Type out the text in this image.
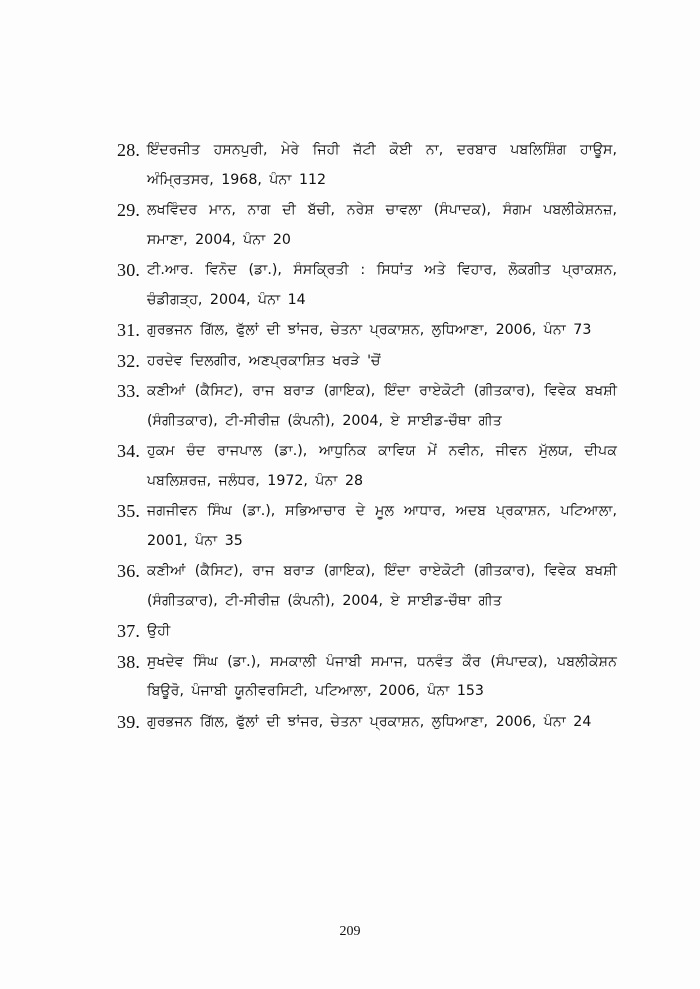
28. ਇੰਦਰਜੀਤ ਹਸਨਪੁਰੀ, ਮੇਰੇ ਜਿਹੀ ਜੱਟੀ ਕੋਈ ਨਾ, ਦਰਬਾਰ ਪਬਲਿਸ਼ਿੰਗ ਹਾਊਸ, ਅੰਮ੍ਰਿਤਸਰ, 1968, ਪੰਨਾ 112
29. ਲਖਵਿੰਦਰ ਮਾਨ, ਨਾਗ ਦੀ ਬੱਚੀ, ਨਰੇਸ਼ ਚਾਵਲਾ (ਸੰਪਾਦਕ), ਸੰਗਮ ਪਬਲੀਕੇਸ਼ਨਜ਼, ਸਮਾਣਾ, 2004, ਪੰਨਾ 20
30. ਟੀ.ਆਰ. ਵਿਨੋਦ (ਡਾ.), ਸੰਸਕ੍ਰਿਤੀ : ਸਿਧਾਂਤ ਅਤੇ ਵਿਹਾਰ, ਲੋਕਗੀਤ ਪ੍ਰਾਕਸ਼ਨ, ਚੰਡੀਗੜ੍ਹ, 2004, ਪੰਨਾ 14
31. ਗੁਰਭਜਨ ਗਿੱਲ, ਫੁੱਲਾਂ ਦੀ ਝਾਂਜਰ, ਚੇਤਨਾ ਪ੍ਰਕਾਸ਼ਨ, ਲੁਧਿਆਣਾ, 2006, ਪੰਨਾ 73
32. ਹਰਦੇਵ ਦਿਲਗੀਰ, ਅਣਪ੍ਰਕਾਸ਼ਿਤ ਖਰੜੇ 'ਚੋਂ
33. ਕਣੀਆਂ (ਕੈਸਿਟ), ਰਾਜ ਬਰਾੜ (ਗਾਇਕ), ਇੰਦਾ ਰਾਏਕੋਟੀ (ਗੀਤਕਾਰ), ਵਿਵੇਕ ਬਖਸ਼ੀ (ਸੰਗੀਤਕਾਰ), ਟੀ-ਸੀਰੀਜ਼ (ਕੰਪਨੀ), 2004, ਏ ਸਾਈਡ-ਚੌਥਾ ਗੀਤ
34. ਹੁਕਮ ਚੰਦ ਰਾਜਪਾਲ (ਡਾ.), ਆਧੁਨਿਕ ਕਾਵਿਯ ਮੇਂ ਨਵੀਨ, ਜੀਵਨ ਮੁੱਲਯ, ਦੀਪਕ ਪਬਲਿਸ਼ਰਜ਼, ਜਲੰਧਰ, 1972, ਪੰਨਾ 28
35. ਜਗਜੀਵਨ ਸਿੰਘ (ਡਾ.), ਸਭਿਆਚਾਰ ਦੇ ਮੂਲ ਆਧਾਰ, ਅਦਬ ਪ੍ਰਕਾਸ਼ਨ, ਪਟਿਆਲਾ, 2001, ਪੰਨਾ 35
36. ਕਣੀਆਂ (ਕੈਸਿਟ), ਰਾਜ ਬਰਾੜ (ਗਾਇਕ), ਇੰਦਾ ਰਾਏਕੋਟੀ (ਗੀਤਕਾਰ), ਵਿਵੇਕ ਬਖਸ਼ੀ (ਸੰਗੀਤਕਾਰ), ਟੀ-ਸੀਰੀਜ਼ (ਕੰਪਨੀ), 2004, ਏ ਸਾਈਡ-ਚੌਥਾ ਗੀਤ
37. ਉਹੀ
38. ਸੁਖਦੇਵ ਸਿੰਘ (ਡਾ.), ਸਮਕਾਲੀ ਪੰਜਾਬੀ ਸਮਾਜ, ਧਨਵੰਤ ਕੌਰ (ਸੰਪਾਦਕ), ਪਬਲੀਕੇਸ਼ਨ ਬਿਊਰੋ, ਪੰਜਾਬੀ ਯੂਨੀਵਰਸਿਟੀ, ਪਟਿਆਲਾ, 2006, ਪੰਨਾ 153
39. ਗੁਰਭਜਨ ਗਿੱਲ, ਫੁੱਲਾਂ ਦੀ ਝਾਂਜਰ, ਚੇਤਨਾ ਪ੍ਰਕਾਸ਼ਨ, ਲੁਧਿਆਣਾ, 2006, ਪੰਨਾ 24
209
